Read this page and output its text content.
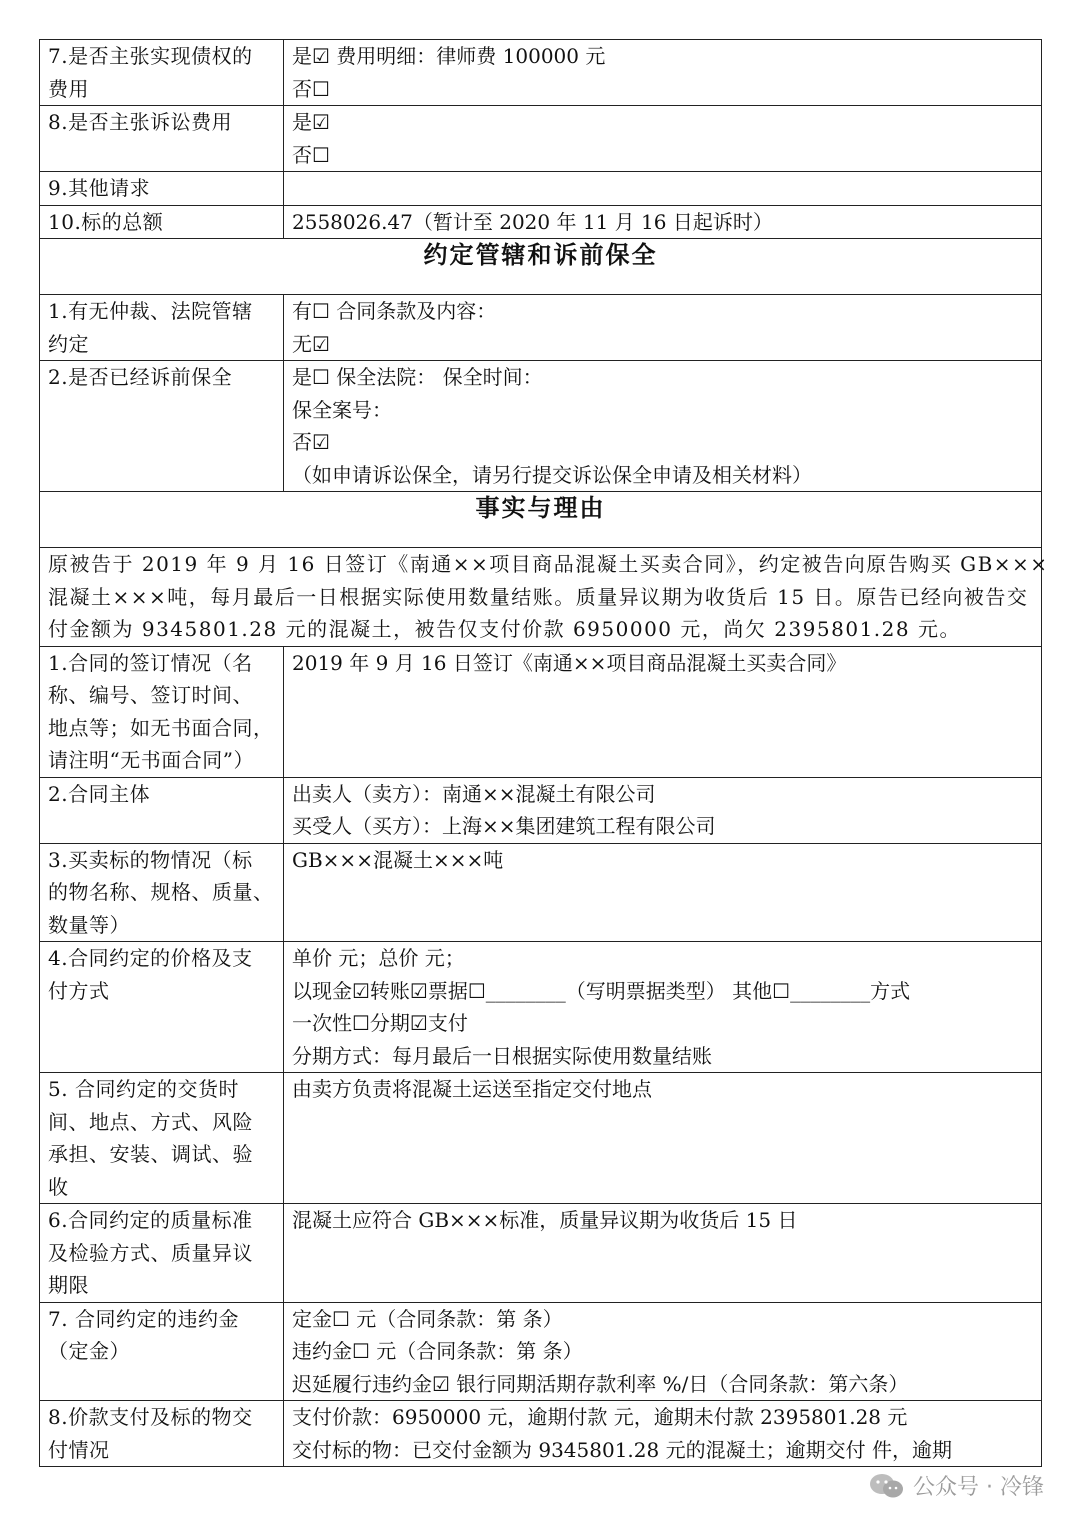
7.是否主张实现债权的
费用	是☑ 费用明细：律师费 100000 元
否☐

8.是否主张诉讼费用	是☑
否☐

9.其他请求	

10.标的总额	2558026.47（暂计至 2020 年 11 月 16 日起诉时）

约定管辖和诉前保全	

1.有无仲裁、法院管辖
约定	有☐ 合同条款及内容：
无☑

2.是否已经诉前保全	是☐ 保全法院： 保全时间：
保全案号：
否☑
（如申请诉讼保全，请另行提交诉讼保全申请及相关材料）

事实与理由	

原被告于 2019 年 9 月 16 日签订《南通××项目商品混凝土买卖合同》，约定被告向原告购买 GB×××
混凝土×××吨，每月最后一日根据实际使用数量结账。质量异议期为收货后 15 日。原告已经向被告交
付金额为 9345801.28 元的混凝土，被告仅支付价款 6950000 元，尚欠 2395801.28 元。	

1.合同的签订情况（名
称、编号、签订时间、
地点等；如无书面合同，
请注明“无书面合同”）	2019 年 9 月 16 日签订《南通××项目商品混凝土买卖合同》

2.合同主体	出卖人（卖方）：南通××混凝土有限公司
买受人（买方）：上海××集团建筑工程有限公司

3.买卖标的物情况（标
的物名称、规格、质量、
数量等）	GB×××混凝土×××吨

4.合同约定的价格及支
付方式	单价 元；总价 元；
以现金☑转账☑票据☐________（写明票据类型） 其他☐________方式
一次性☐分期☑支付
分期方式：每月最后一日根据实际使用数量结账

5. 合同约定的交货时
间、地点、方式、风险
承担、安装、调试、验
收	由卖方负责将混凝土运送至指定交付地点

6.合同约定的质量标准
及检验方式、质量异议
期限	混凝土应符合 GB×××标准，质量异议期为收货后 15 日

7. 合同约定的违约金
（定金）	定金☐ 元（合同条款：第 条）
违约金☐ 元（合同条款：第 条）
迟延履行违约金☑ 银行同期活期存款利率 %/日（合同条款：第六条）

8.价款支付及标的物交
付情况	支付价款：6950000 元，逾期付款 元，逾期未付款 2395801.28 元
交付标的物：已交付金额为 9345801.28 元的混凝土；逾期交付 件，逾期
公众号 · 冷锋
